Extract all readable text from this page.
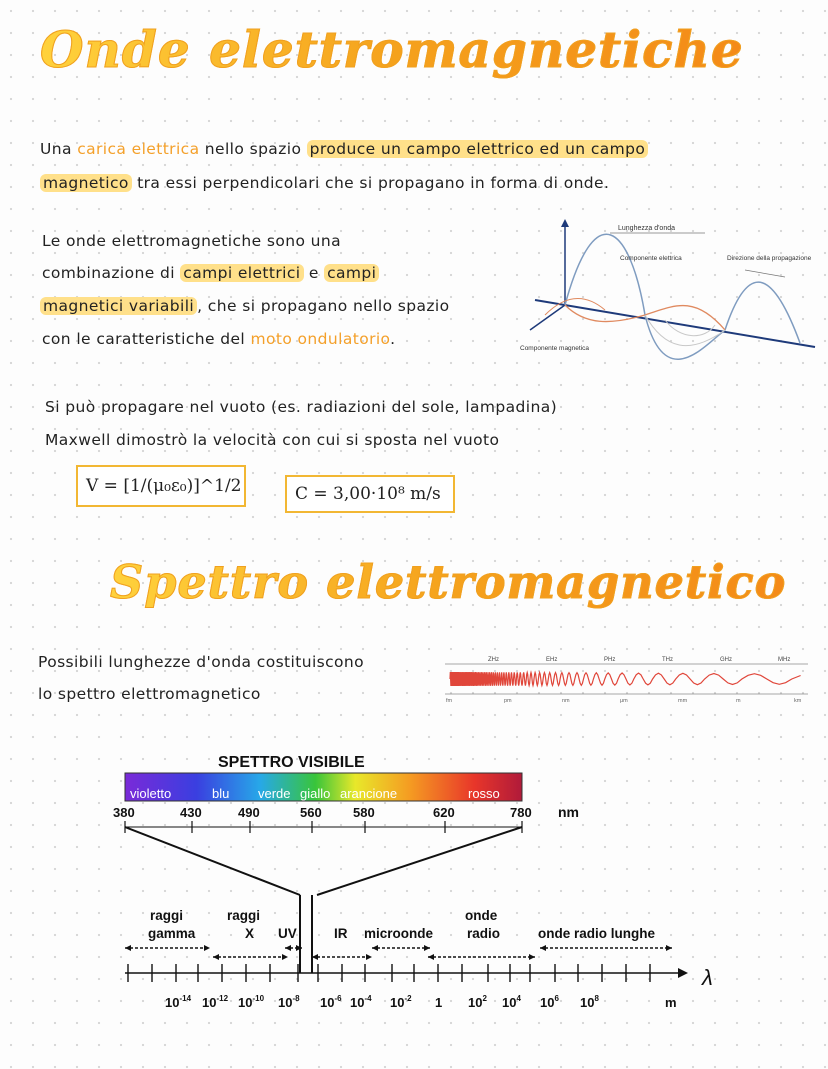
Onde elettromagnetiche
Una carica elettrica nello spazio produce un campo elettrico ed un campo
magnetico tra essi perpendicolari che si propagano in forma di onde.
Le onde elettromagnetiche sono una
combinazione di campi elettrici e campi
magnetici variabili , che si propagano nello spazio
con le caratteristiche del moto ondulatorio.
Lunghezza d'onda
Componente elettrica	Direzione della propagazione
Componente magnetica
Si può propagare nel vuoto (es. radiazioni del sole, lampadina)
Maxwell dimostrò la velocità con cui si sposta nel vuoto
V = [1/(μ₀ε₀)]^1/2	C = 3,00·10⁸ m/s
Spettro elettromagnetico
Possibili lunghezze d'onda costituiscono
lo spettro elettromagnetico
ZHz	EHz	PHz	THz	GHz	MHz
fm	pm	nm	μm	mm	m	km
SPETTRO VISIBILE
violetto	blu verde giallo arancione	rosso
380	430	490	560 580	620	780 nm
raggi gamma
raggi X	UV	IR microonde
onde radio	onde radio lunghe
λ
$10^{-14}$ $10^{-12}$ $10^{-10}$ $10^{-8}$ $10^{-6}$ $10^{-4}$ $10^{-2}$ 1 $10^2$ $10^4$ $10^6$ $10^8$	m
